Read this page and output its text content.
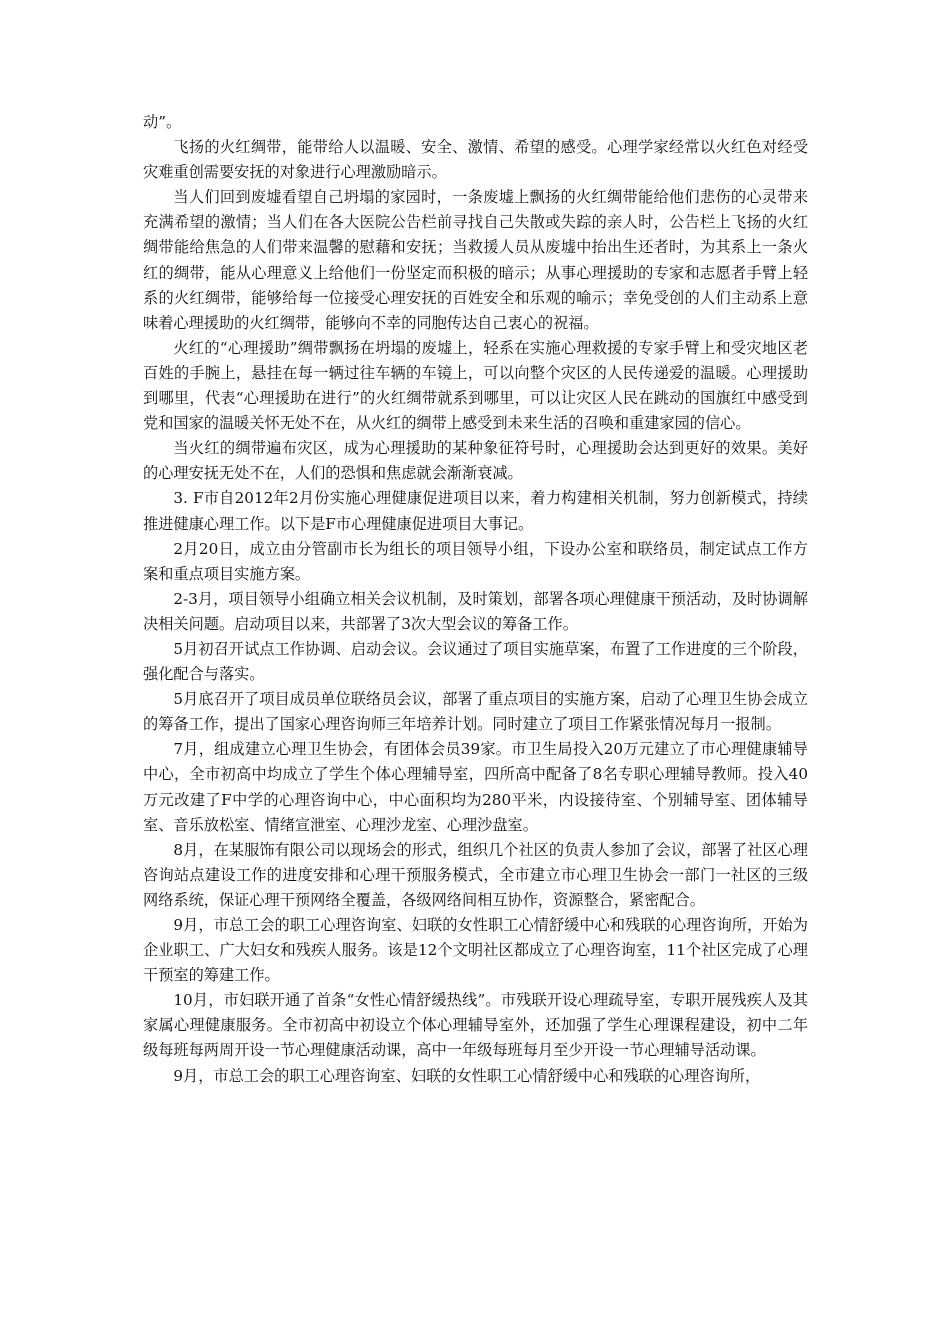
动”。

飞扬的火红绸带，能带给人以温暖、安全、激情、希望的感受。心理学家经常以火红色对经受灾难重创需要安抚的对象进行心理激励暗示。

当人们回到废墟看望自己坍塌的家园时，一条废墟上飘扬的火红绸带能给他们悲伤的心灵带来充满希望的激情；当人们在各大医院公告栏前寻找自己失散或失踪的亲人时，公告栏上飞扬的火红绸带能给焦急的人们带来温馨的慰藉和安抚；当救援人员从废墟中抬出生还者时，为其系上一条火红的绸带，能从心理意义上给他们一份坚定而积极的暗示；从事心理援助的专家和志愿者手臂上轻系的火红绸带，能够给每一位接受心理安抚的百姓安全和乐观的喻示；幸免受创的人们主动系上意味着心理援助的火红绸带，能够向不幸的同胞传达自己衷心的祝福。

火红的“心理援助”绸带飘扬在坍塌的废墟上，轻系在实施心理救援的专家手臂上和受灾地区老百姓的手腕上，悬挂在每一辆过往车辆的车镜上，可以向整个灾区的人民传递爱的温暖。心理援助到哪里，代表“心理援助在进行”的火红绸带就系到哪里，可以让灾区人民在跳动的国旗红中感受到党和国家的温暖关怀无处不在，从火红的绸带上感受到未来生活的召唤和重建家园的信心。

当火红的绸带遍布灾区，成为心理援助的某种象征符号时，心理援助会达到更好的效果。美好的心理安抚无处不在，人们的恐惧和焦虑就会渐渐衰减。

3. F市自2012年2月份实施心理健康促进项目以来，着力构建相关机制，努力创新模式，持续推进健康心理工作。以下是F市心理健康促进项目大事记。

2月20日，成立由分管副市长为组长的项目领导小组，下设办公室和联络员，制定试点工作方案和重点项目实施方案。

2-3月，项目领导小组确立相关会议机制，及时策划，部署各项心理健康干预活动，及时协调解决相关问题。启动项目以来，共部署了3次大型会议的筹备工作。

5月初召开试点工作协调、启动会议。会议通过了项目实施草案，布置了工作进度的三个阶段，强化配合与落实。

5月底召开了项目成员单位联络员会议，部署了重点项目的实施方案，启动了心理卫生协会成立的筹备工作，提出了国家心理咨询师三年培养计划。同时建立了项目工作紧张情况每月一报制。

7月，组成建立心理卫生协会，有团体会员39家。市卫生局投入20万元建立了市心理健康辅导中心，全市初高中均成立了学生个体心理辅导室，四所高中配备了8名专职心理辅导教师。投入40万元改建了F中学的心理咨询中心，中心面积均为280平米，内设接待室、个别辅导室、团体辅导室、音乐放松室、情绪宣泄室、心理沙龙室、心理沙盘室。

8月，在某服饰有限公司以现场会的形式，组织几个社区的负责人参加了会议，部署了社区心理咨询站点建设工作的进度安排和心理干预服务模式，全市建立市心理卫生协会一部门一社区的三级网络系统，保证心理干预网络全覆盖，各级网络间相互协作，资源整合，紧密配合。

9月，市总工会的职工心理咨询室、妇联的女性职工心情舒缓中心和残联的心理咨询所，开始为企业职工、广大妇女和残疾人服务。该是12个文明社区都成立了心理咨询室，11个社区完成了心理干预室的筹建工作。

10月，市妇联开通了首条“女性心情舒缓热线”。市残联开设心理疏导室，专职开展残疾人及其家属心理健康服务。全市初高中初设立个体心理辅导室外，还加强了学生心理课程建设，初中二年级每班每两周开设一节心理健康活动课，高中一年级每班每月至少开设一节心理辅导活动课。

9月，市总工会的职工心理咨询室、妇联的女性职工心情舒缓中心和残联的心理咨询所，
